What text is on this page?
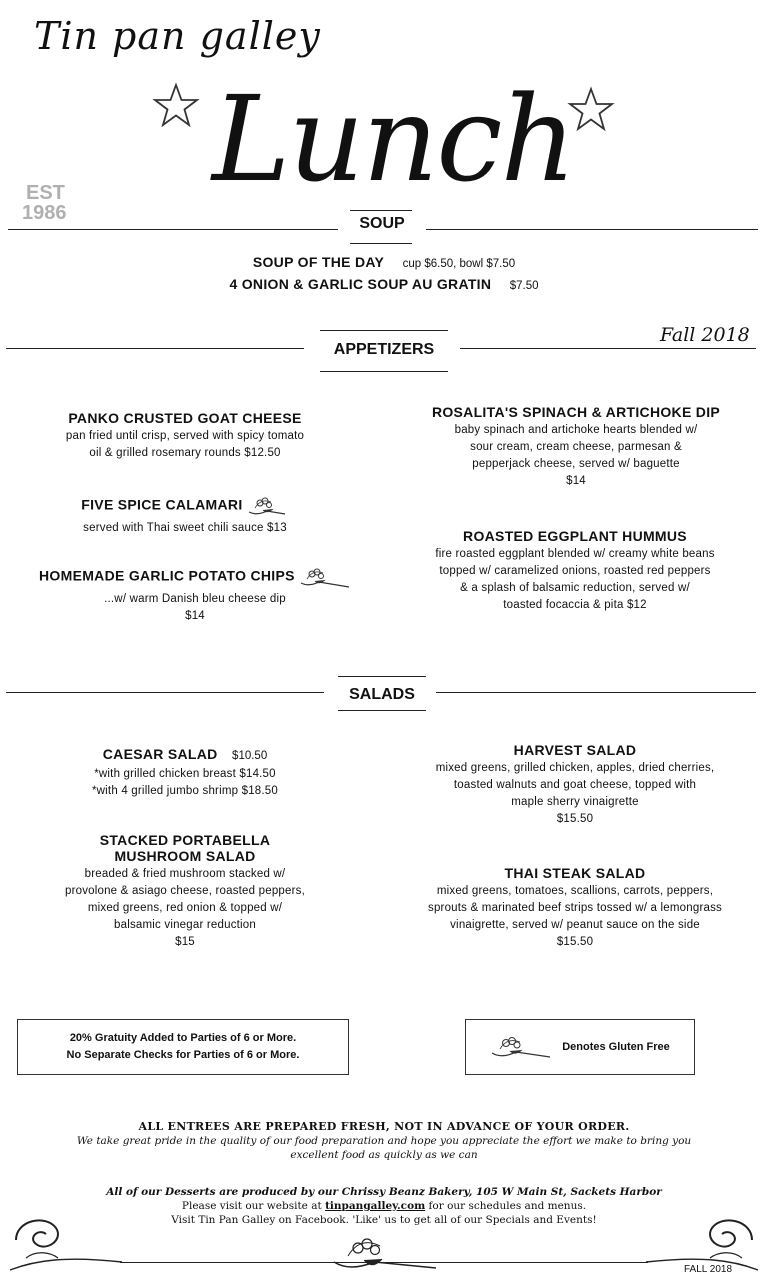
Tin pan galley
Lunch
EST
1986	SOUP
SOUP OF THE DAY cup $6.50, bowl $7.50
4 ONION & GARLIC SOUP AU GRATIN $7.50
APPETIZERS
Fall 2018
PANKO CRUSTED GOAT CHEESE
pan fried until crisp, served with spicy tomato
oil & grilled rosemary rounds $12.50
FIVE SPICE CALAMARI
served with Thai sweet chili sauce $13
HOMEMADE GARLIC POTATO CHIPS
...w/ warm Danish bleu cheese dip
$14
ROSALITA'S SPINACH & ARTICHOKE DIP
baby spinach and artichoke hearts blended w/
sour cream, cream cheese, parmesan &
pepperjack cheese, served w/ baguette
$14
ROASTED EGGPLANT HUMMUS
fire roasted eggplant blended w/ creamy white beans
topped w/ caramelized onions, roasted red peppers
& a splash of balsamic reduction, served w/
toasted focaccia & pita $12
SALADS
CAESAR SALAD $10.50
*with grilled chicken breast $14.50
*with 4 grilled jumbo shrimp $18.50
STACKED PORTABELLA
MUSHROOM SALAD
breaded & fried mushroom stacked w/
provolone & asiago cheese, roasted peppers,
mixed greens, red onion & topped w/
balsamic vinegar reduction
$15
HARVEST SALAD
mixed greens, grilled chicken, apples, dried cherries,
toasted walnuts and goat cheese, topped with
maple sherry vinaigrette
$15.50
THAI STEAK SALAD
mixed greens, tomatoes, scallions, carrots, peppers,
sprouts & marinated beef strips tossed w/ a lemongrass
vinaigrette, served w/ peanut sauce on the side
$15.50
20% Gratuity Added to Parties of 6 or More.
No Separate Checks for Parties of 6 or More.
Denotes Gluten Free
ALL ENTREES ARE PREPARED FRESH, NOT IN ADVANCE OF YOUR ORDER.
We take great pride in the quality of our food preparation and hope you appreciate the effort we make to bring you
excellent food as quickly as we can
All of our Desserts are produced by our Chrissy Beanz Bakery, 105 W Main St, Sackets Harbor
Please visit our website at tinpangalley.com for our schedules and menus.
Visit Tin Pan Galley on Facebook. 'Like' us to get all of our Specials and Events!
FALL 2018
